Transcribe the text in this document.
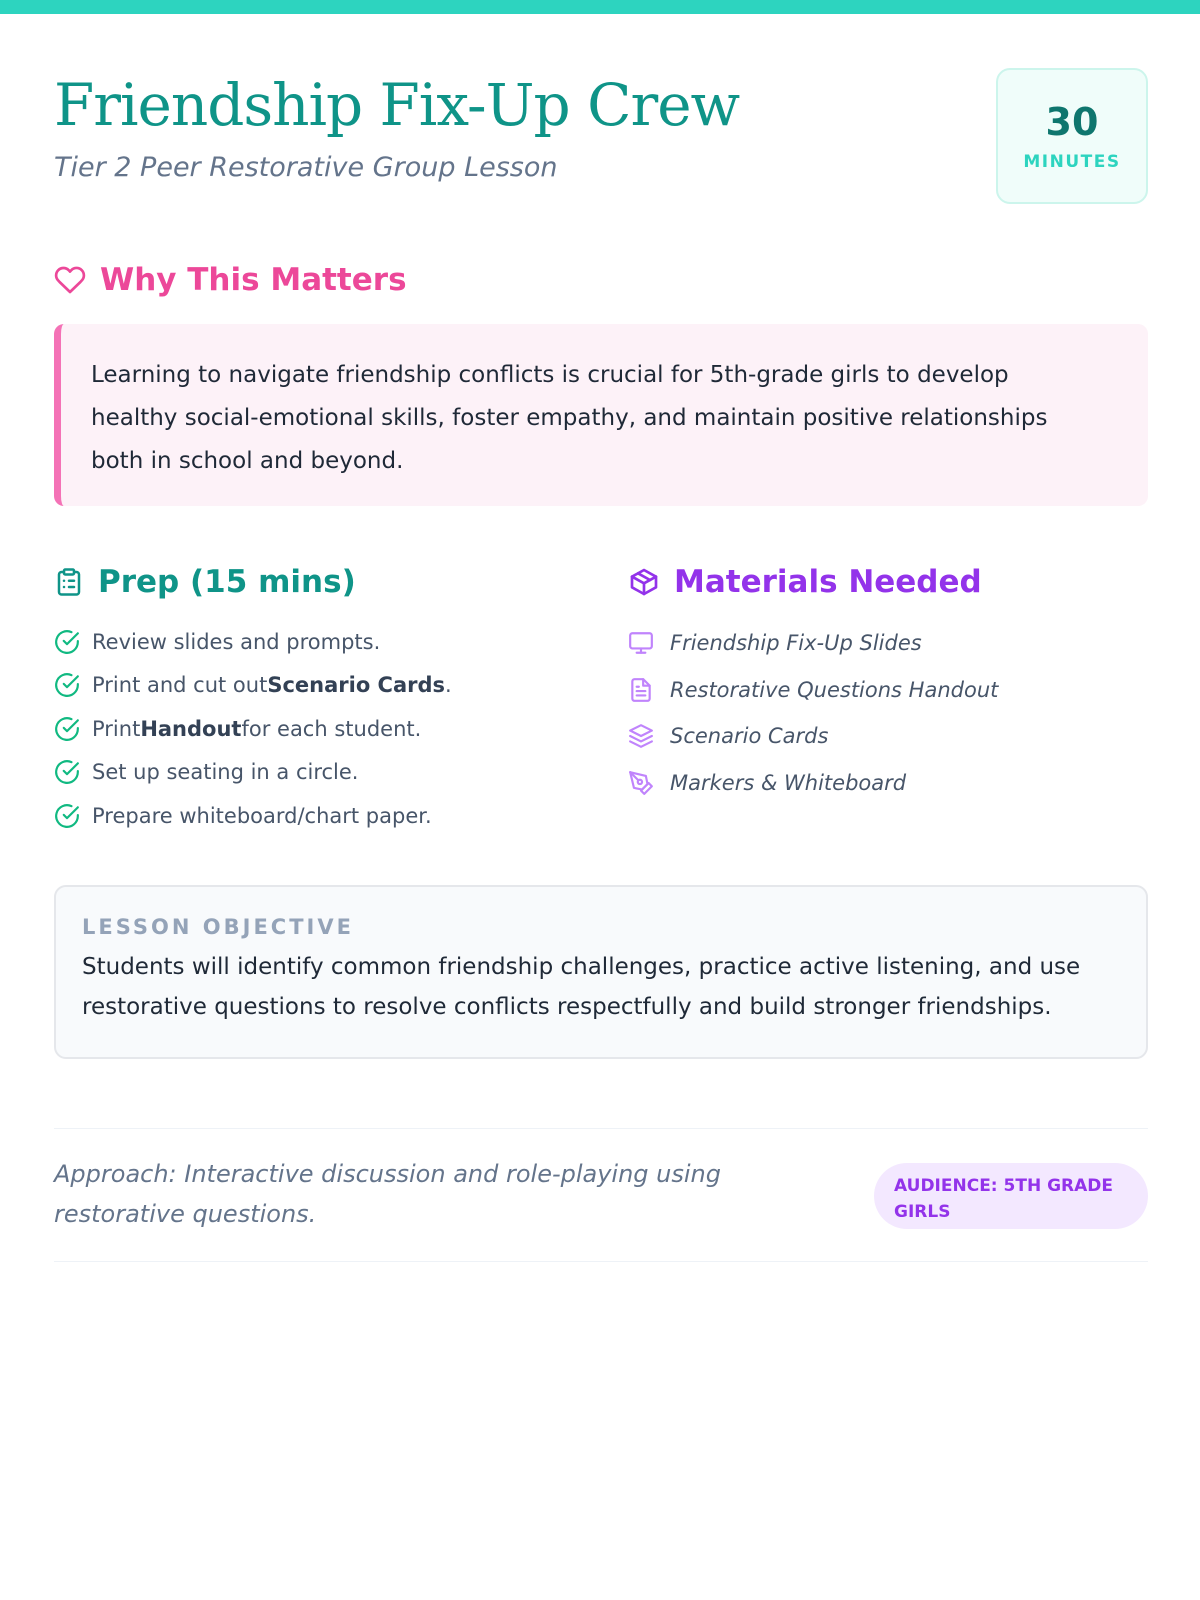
Friendship Fix-Up Crew
Tier 2 Peer Restorative Group Lesson
30
MINUTES
Why This Matters

Learning to navigate friendship conflicts is crucial for 5th-grade girls to develop healthy social-emotional skills, foster empathy, and maintain positive relationships both in school and beyond.

Prep (15 mins)
Review slides and prompts.
Print and cut outScenario Cards.
PrintHandoutfor each student.
Set up seating in a circle.
Prepare whiteboard/chart paper.
Materials Needed
Friendship Fix-Up Slides
Restorative Questions Handout
Scenario Cards
Markers & Whiteboard
LESSON OBJECTIVE
Students will identify common friendship challenges, practice active listening, and use restorative questions to resolve conflicts respectfully and build stronger friendships.
Approach: Interactive discussion and role-playing using restorative questions.
AUDIENCE: 5TH GRADE GIRLS
